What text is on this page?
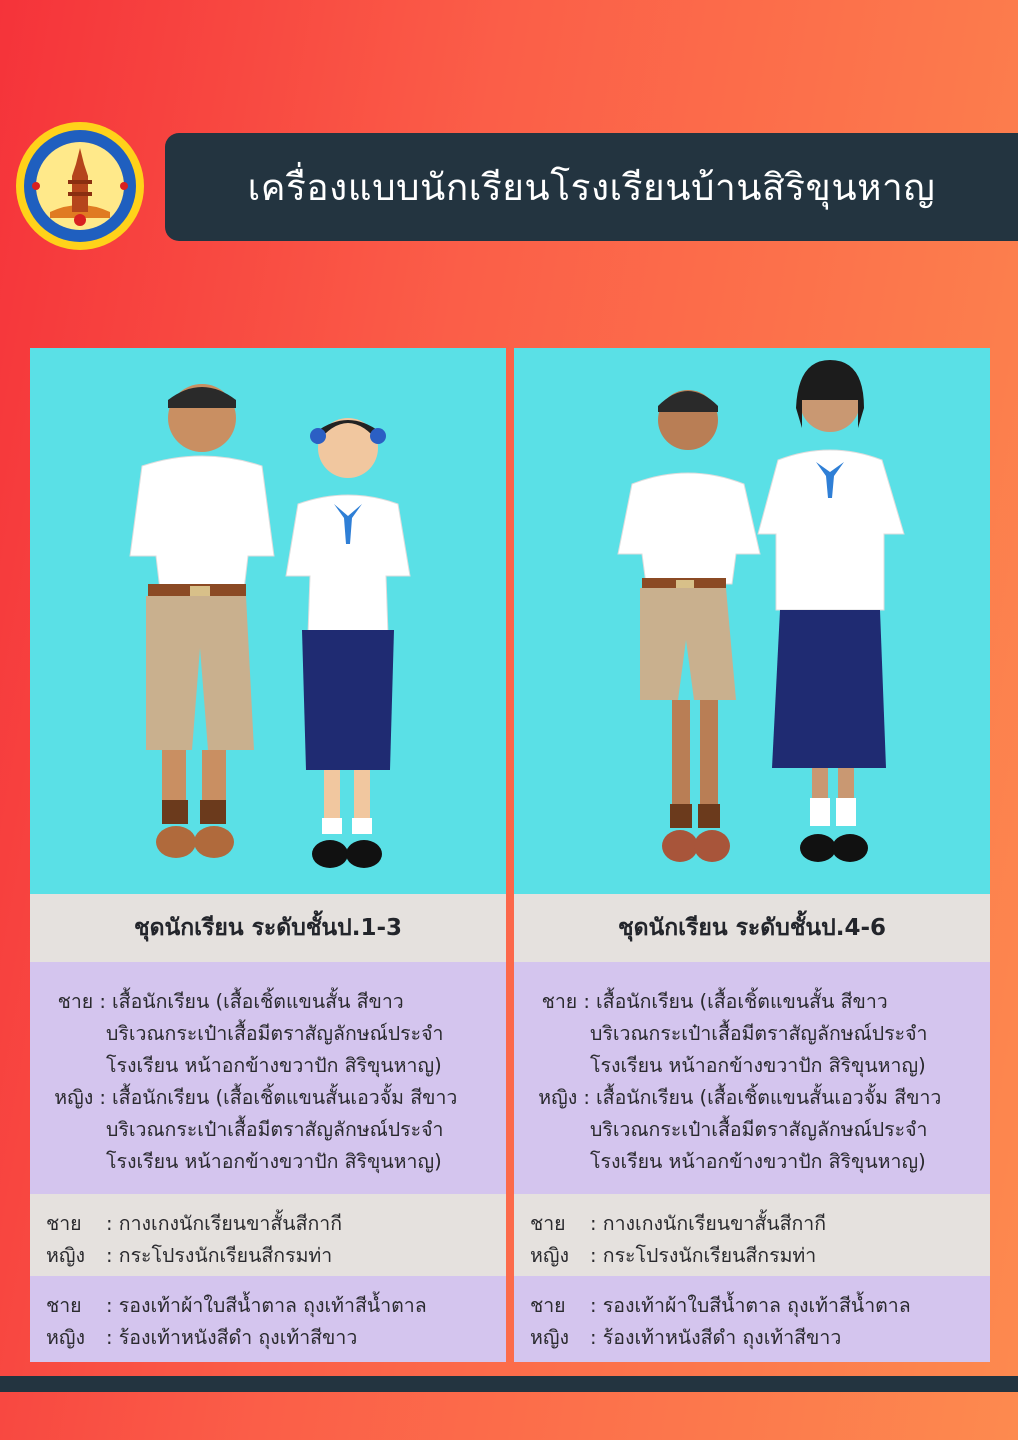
เครื่องแบบนักเรียนโรงเรียนบ้านสิริขุนหาญ
ชุดนักเรียน ระดับชั้นป.1-3
ชาย : เสื้อนักเรียน (เสื้อเชิ้ตแขนสั้น สีขาว
บริเวณกระเป๋าเสื้อมีตราสัญลักษณ์ประจำ
โรงเรียน หน้าอกข้างขวาปัก สิริขุนหาญ)
หญิง : เสื้อนักเรียน (เสื้อเชิ้ตแขนสั้นเอวจั้ม สีขาว
บริเวณกระเป๋าเสื้อมีตราสัญลักษณ์ประจำ
โรงเรียน หน้าอกข้างขวาปัก สิริขุนหาญ)
ชาย	: กางเกงนักเรียนขาสั้นสีกากี
หญิง	: กระโปรงนักเรียนสีกรมท่า
ชาย	: รองเท้าผ้าใบสีน้ำตาล ถุงเท้าสีน้ำตาล
หญิง	: ร้องเท้าหนังสีดำ ถุงเท้าสีขาว
ชุดนักเรียน ระดับชั้นป.4-6
ชาย : เสื้อนักเรียน (เสื้อเชิ้ตแขนสั้น สีขาว
บริเวณกระเป๋าเสื้อมีตราสัญลักษณ์ประจำ
โรงเรียน หน้าอกข้างขวาปัก สิริขุนหาญ)
หญิง : เสื้อนักเรียน (เสื้อเชิ้ตแขนสั้นเอวจั้ม สีขาว
บริเวณกระเป๋าเสื้อมีตราสัญลักษณ์ประจำ
โรงเรียน หน้าอกข้างขวาปัก สิริขุนหาญ)
ชาย	: กางเกงนักเรียนขาสั้นสีกากี
หญิง	: กระโปรงนักเรียนสีกรมท่า
ชาย	: รองเท้าผ้าใบสีน้ำตาล ถุงเท้าสีน้ำตาล
หญิง	: ร้องเท้าหนังสีดำ ถุงเท้าสีขาว
